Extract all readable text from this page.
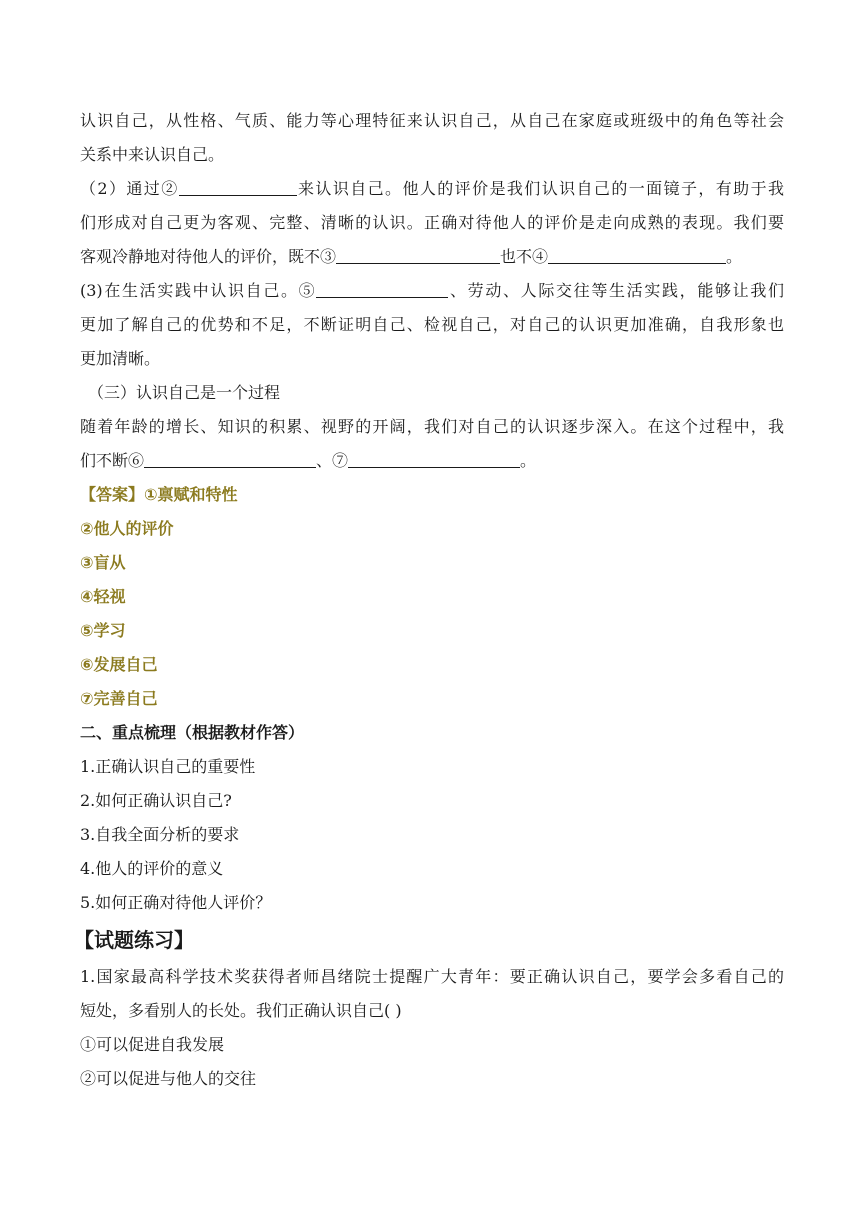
认识自己，从性格、气质、能力等心理特征来认识自己，从自己在家庭或班级中的角色等社会
关系中来认识自己。
（2）通过②	来认识自己。他人的评价是我们认识自己的一面镜子，有助于我
们形成对自己更为客观、完整、清晰的认识。正确对待他人的评价是走向成熟的表现。我们要
客观冷静地对待他人的评价，既不③	也不④	。
(3)在生活实践中认识自己。⑤	、劳动、人际交往等生活实践，能够让我们
更加了解自己的优势和不足，不断证明自己、检视自己，对自己的认识更加准确，自我形象也
更加清晰。
（三）认识自己是一个过程
随着年龄的增长、知识的积累、视野的开阔，我们对自己的认识逐步深入。在这个过程中，我
们不断⑥	、⑦	。
【答案】①禀赋和特性
②他人的评价
③盲从
④轻视
⑤学习
⑥发展自己
⑦完善自己
二、重点梳理（根据教材作答）
1.正确认识自己的重要性
2.如何正确认识自己?
3.自我全面分析的要求
4.他人的评价的意义
5.如何正确对待他人评价？
【试题练习】
1.国家最高科学技术奖获得者师昌绪院士提醒广大青年：要正确认识自己，要学会多看自己的
短处，多看别人的长处。我们正确认识自己( )
①可以促进自我发展
②可以促进与他人的交往
